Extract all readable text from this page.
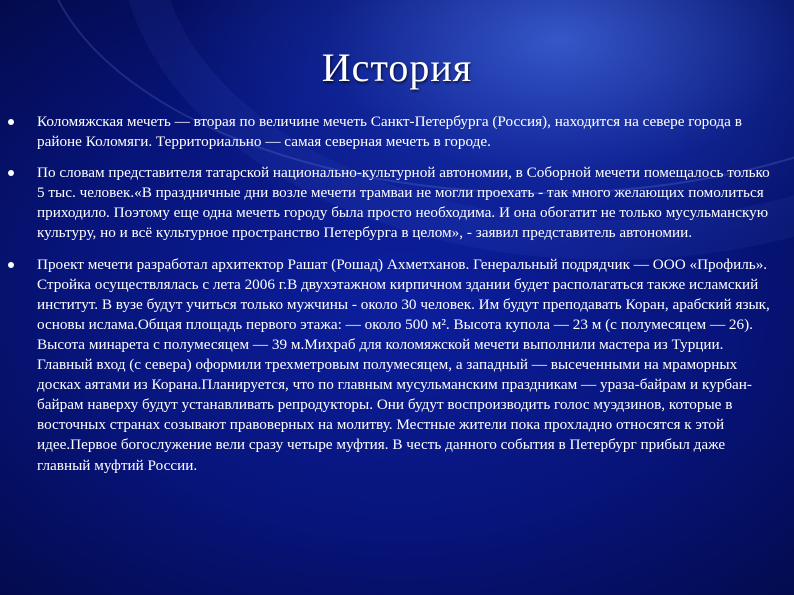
История
Коломяжская мечеть — вторая по величине мечеть Санкт-Петербурга (Россия), находится на севере города в районе Коломяги. Территориально — самая северная мечеть в городе.
По словам представителя татарской национально-культурной автономии, в Соборной мечети помещалось только 5 тыс. человек.«В праздничные дни возле мечети трамваи не могли проехать - так много желающих помолиться приходило. Поэтому еще одна мечеть городу была просто необходима. И она обогатит не только мусульманскую культуру, но и всё культурное пространство Петербурга в целом», - заявил представитель автономии.
Проект мечети разработал архитектор Рашат (Рошад) Ахметханов. Генеральный подрядчик — ООО «Профиль». Стройка осуществлялась с лета 2006 г.В двухэтажном кирпичном здании будет располагаться также исламский институт. В вузе будут учиться только мужчины - около 30 человек. Им будут преподавать Коран, арабский язык, основы ислама.Общая площадь первого этажа: — около 500 м². Высота купола — 23 м (с полумесяцем — 26). Высота минарета с полумесяцем — 39 м.Михраб для коломяжской мечети выполнили мастера из Турции. Главный вход (с севера) оформили трехметровым полумесяцем, а западный — высеченными на мраморных досках аятами из Корана.Планируется, что по главным мусульманским праздникам — ураза-байрам и курбан-байрам наверху будут устанавливать репродукторы. Они будут воспроизводить голос муэдзинов, которые в восточных странах созывают правоверных на молитву. Местные жители пока прохладно относятся к этой идее.Первое богослужение вели сразу четыре муфтия. В честь данного события в Петербург прибыл даже главный муфтий России.
